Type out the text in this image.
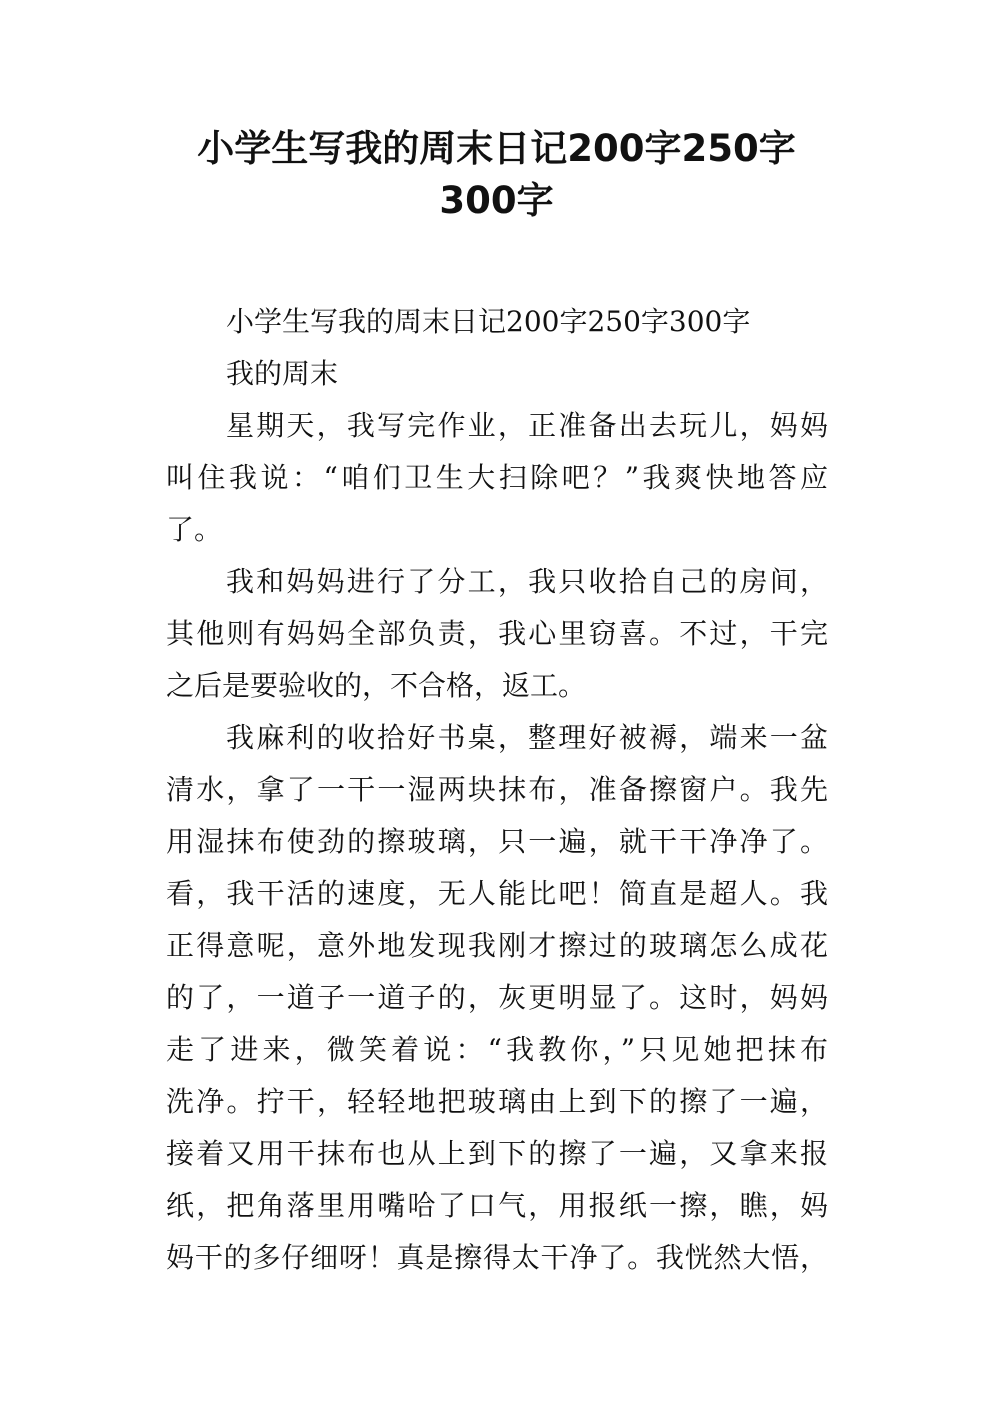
小学生写我的周末日记200字250字
300字
小学生写我的周末日记200字250字300字
我的周末
星期天，我写完作业，正准备出去玩儿，妈妈
叫住我说：“咱们卫生大扫除吧？”我爽快地答应
了。
我和妈妈进行了分工，我只收拾自己的房间，
其他则有妈妈全部负责，我心里窃喜。不过，干完
之后是要验收的，不合格，返工。
我麻利的收拾好书桌，整理好被褥，端来一盆
清水，拿了一干一湿两块抹布，准备擦窗户。我先
用湿抹布使劲的擦玻璃，只一遍，就干干净净了。
看，我干活的速度，无人能比吧！简直是超人。我
正得意呢，意外地发现我刚才擦过的玻璃怎么成花
的了，一道子一道子的，灰更明显了。这时，妈妈
走了进来，微笑着说：“我教你，”只见她把抹布
洗净。拧干，轻轻地把玻璃由上到下的擦了一遍，
接着又用干抹布也从上到下的擦了一遍，又拿来报
纸，把角落里用嘴哈了口气，用报纸一擦，瞧，妈
妈干的多仔细呀！真是擦得太干净了。我恍然大悟，
